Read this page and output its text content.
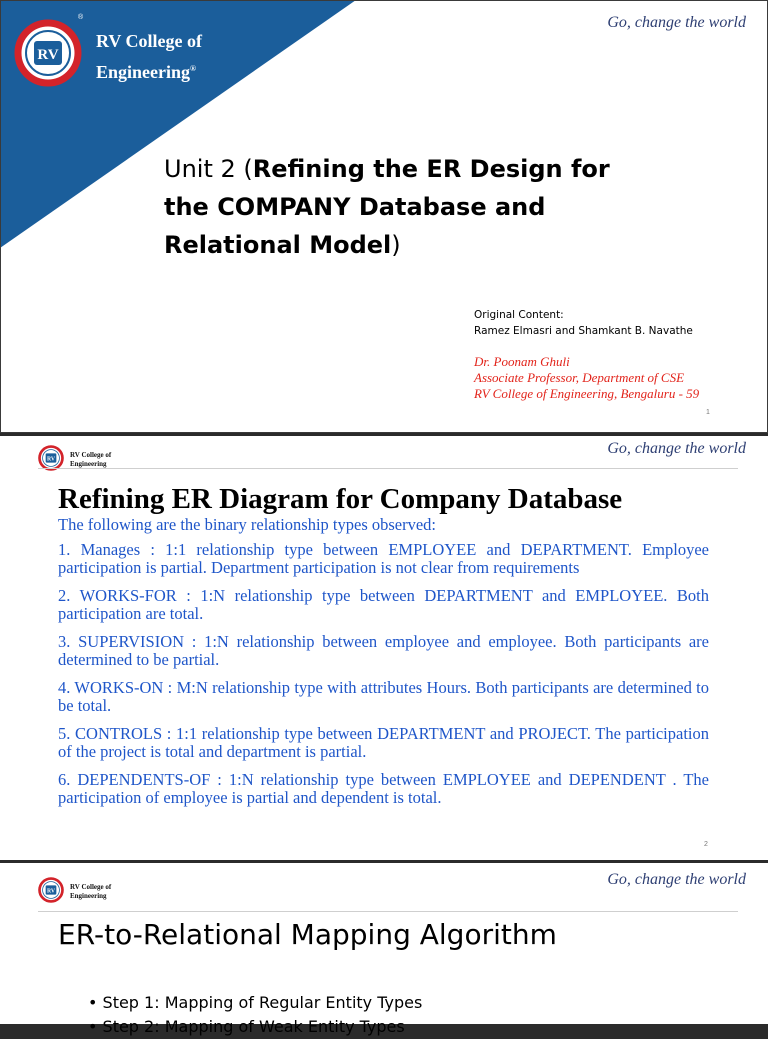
RV
®
RV College of
Engineering®
Go, change the world
Unit 2 (Refining the ER Design for the COMPANY Database and Relational Model)
Original Content:
Ramez Elmasri and Shamkant B. Navathe
Dr. Poonam Ghuli
Associate Professor, Department of CSE
RV College of Engineering, Bengaluru - 59
1
RV
RV College of
Engineering
Go, change the world
Refining ER Diagram for Company Database

The following are the binary relationship types observed:

1. Manages : 1:1 relationship type between EMPLOYEE and DEPARTMENT. Employee participation is partial. Department participation is not clear from requirements

2. WORKS-FOR : 1:N relationship type between DEPARTMENT and EMPLOYEE. Both participation are total.

3. SUPERVISION : 1:N relationship between employee and employee. Both participants are determined to be partial.

4. WORKS-ON : M:N relationship type with attributes Hours. Both participants are determined to be total.

5. CONTROLS : 1:1 relationship type between DEPARTMENT and PROJECT. The participation of the project is total and department is partial.

6. DEPENDENTS-OF : 1:N relationship type between EMPLOYEE and DEPENDENT . The participation of employee is partial and dependent is total.

2
RV
RV College of
Engineering
Go, change the world
ER-to-Relational Mapping Algorithm
• Step 1: Mapping of Regular Entity Types
• Step 2: Mapping of Weak Entity Types
